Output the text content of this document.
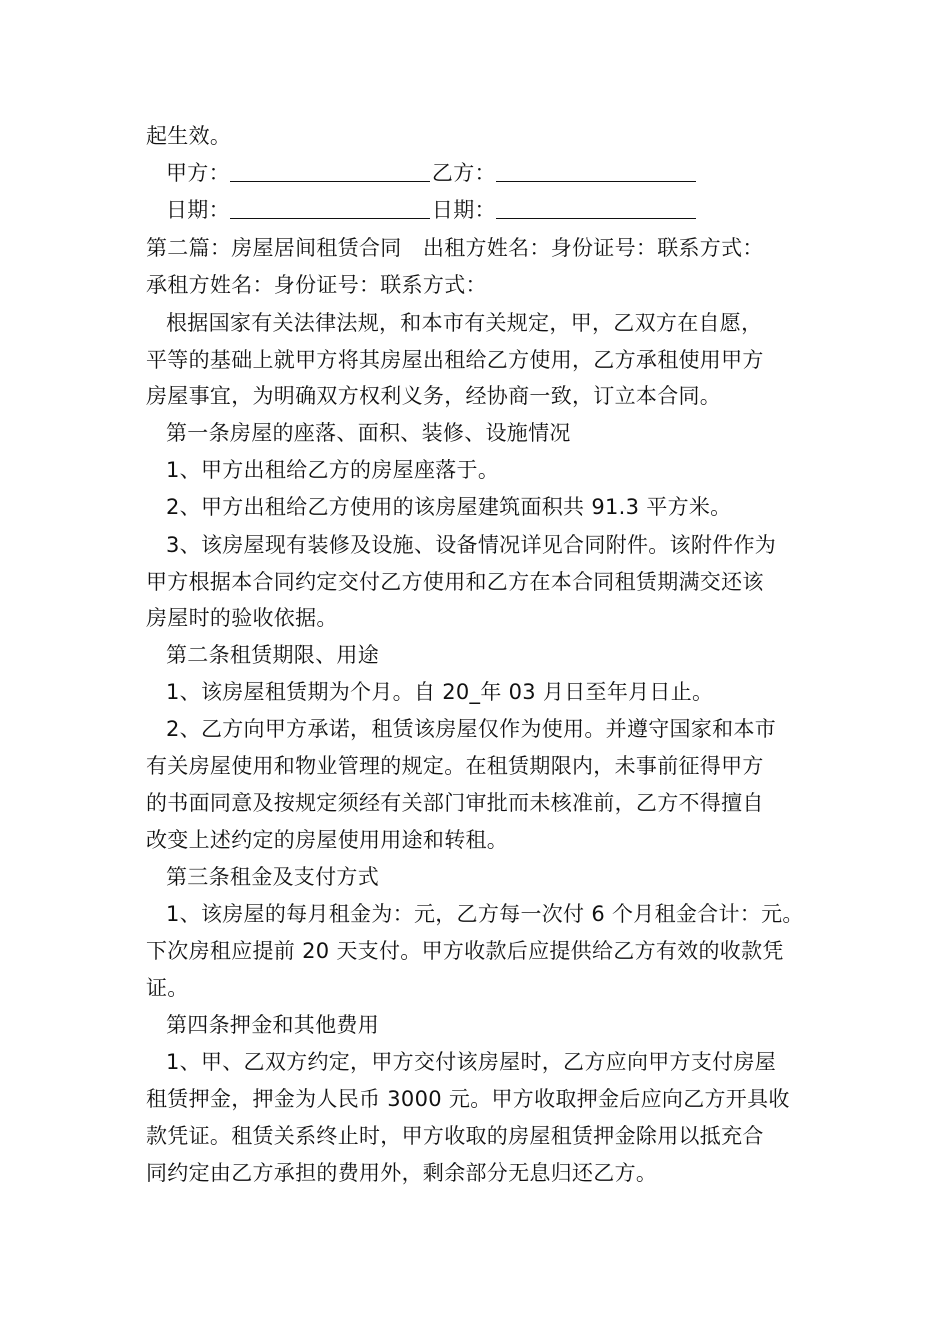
起生效。
甲方：	乙方：
日期：	日期：
第二篇：房屋居间租赁合同　出租方姓名：身份证号：联系方式：
承租方姓名：身份证号：联系方式：
根据国家有关法律法规，和本市有关规定，甲，乙双方在自愿，
平等的基础上就甲方将其房屋出租给乙方使用，乙方承租使用甲方
房屋事宜，为明确双方权利义务，经协商一致，订立本合同。
第一条房屋的座落、面积、装修、设施情况
1、甲方出租给乙方的房屋座落于。
2、甲方出租给乙方使用的该房屋建筑面积共 91.3 平方米。
3、该房屋现有装修及设施、设备情况详见合同附件。该附件作为
甲方根据本合同约定交付乙方使用和乙方在本合同租赁期满交还该
房屋时的验收依据。
第二条租赁期限、用途
1、该房屋租赁期为个月。自 20_年 03 月日至年月日止。
2、乙方向甲方承诺，租赁该房屋仅作为使用。并遵守国家和本市
有关房屋使用和物业管理的规定。在租赁期限内，未事前征得甲方
的书面同意及按规定须经有关部门审批而未核准前，乙方不得擅自
改变上述约定的房屋使用用途和转租。
第三条租金及支付方式
1、该房屋的每月租金为：元，乙方每一次付 6 个月租金合计：元。
下次房租应提前 20 天支付。甲方收款后应提供给乙方有效的收款凭
证。
第四条押金和其他费用
1、甲、乙双方约定，甲方交付该房屋时，乙方应向甲方支付房屋
租赁押金，押金为人民币 3000 元。甲方收取押金后应向乙方开具收
款凭证。租赁关系终止时，甲方收取的房屋租赁押金除用以抵充合
同约定由乙方承担的费用外，剩余部分无息归还乙方。
